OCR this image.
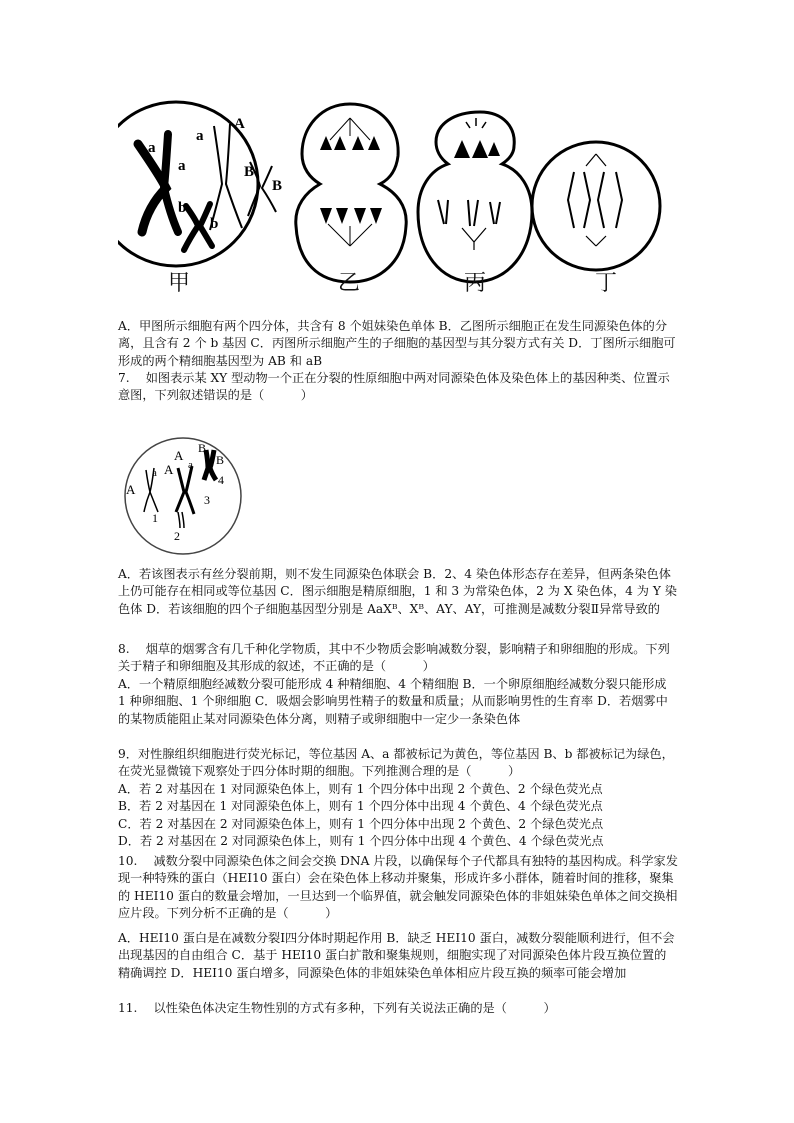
a
a
A
a
B
B
b
b
甲	乙	丙	丁

A．甲图所示细胞有两个四分体，共含有 8 个姐妹染色单体 B．乙图所示细胞正在发生同源染色体的分离，且含有 2 个 b 基因 C．丙图所示细胞产生的子细胞的基因型与其分裂方式有关 D．丁图所示细胞可形成的两个精细胞基因型为 AB 和 aB

7.　 如图表示某 XY 型动物一个正在分裂的性原细胞中两对同源染色体及染色体上的基因种类、位置示意图，下列叙述错误的是（　　　）

A
a A
A
a
B
B
4
1
2
3

A．若该图表示有丝分裂前期，则不发生同源染色体联会 B．2、4 染色体形态存在差异，但两条染色体上仍可能存在相同或等位基因 C．图示细胞是精原细胞，1 和 3 为常染色体，2 为 X 染色体，4 为 Y 染色体 D．若该细胞的四个子细胞基因型分别是 AaXᴮ、Xᴮ、AY、AY，可推测是减数分裂Ⅱ异常导致的

8.　 烟草的烟雾含有几千种化学物质，其中不少物质会影响减数分裂，影响精子和卵细胞的形成。下列关于精子和卵细胞及其形成的叙述，不正确的是（　　　）

A．一个精原细胞经减数分裂可能形成 4 种精细胞、4 个精细胞 B．一个卵原细胞经减数分裂只能形成 1 种卵细胞、1 个卵细胞 C．吸烟会影响男性精子的数量和质量；从而影响男性的生育率 D．若烟雾中的某物质能阻止某对同源染色体分离，则精子或卵细胞中一定少一条染色体

9．对性腺组织细胞进行荧光标记，等位基因 A、a 都被标记为黄色，等位基因 B、b 都被标记为绿色，在荧光显微镜下观察处于四分体时期的细胞。下列推测合理的是（　　　）

A．若 2 对基因在 1 对同源染色体上，则有 1 个四分体中出现 2 个黄色、2 个绿色荧光点

B．若 2 对基因在 1 对同源染色体上，则有 1 个四分体中出现 4 个黄色、4 个绿色荧光点

C．若 2 对基因在 2 对同源染色体上，则有 1 个四分体中出现 2 个黄色、2 个绿色荧光点

D．若 2 对基因在 2 对同源染色体上，则有 1 个四分体中出现 4 个黄色、4 个绿色荧光点

10.　 减数分裂中同源染色体之间会交换 DNA 片段，以确保每个子代都具有独特的基因构成。科学家发现一种特殊的蛋白（HEI10 蛋白）会在染色体上移动并聚集，形成许多小群体，随着时间的推移，聚集的 HEI10 蛋白的数量会增加，一旦达到一个临界值，就会触发同源染色体的非姐妹染色单体之间交换相应片段。下列分析不正确的是（　　　）

A．HEI10 蛋白是在减数分裂Ⅰ四分体时期起作用 B．缺乏 HEI10 蛋白，减数分裂能顺利进行，但不会出现基因的自由组合 C．基于 HEI10 蛋白扩散和聚集规则，细胞实现了对同源染色体片段互换位置的精确调控 D．HEI10 蛋白增多，同源染色体的非姐妹染色单体相应片段互换的频率可能会增加

11.　 以性染色体决定生物性别的方式有多种，下列有关说法正确的是（　　　）
